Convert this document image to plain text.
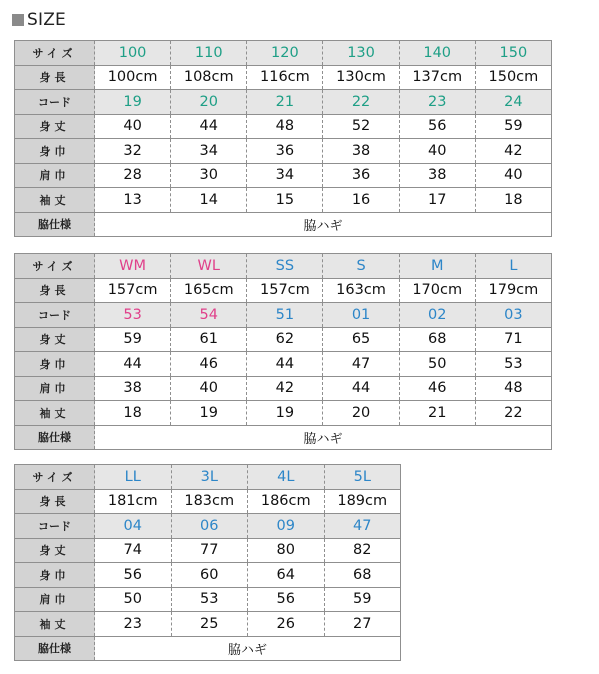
SIZE
サイズ	100	110	120	130	140	150
身長	100cm	108cm	116cm	130cm	137cm	150cm
コード	19	20	21	22	23	24
身丈	40	44	48	52	56	59
身巾	32	34	36	38	40	42
肩巾	28	30	34	36	38	40
袖丈	13	14	15	16	17	18
脇仕様	脇ハギ					
サイズ	WM	WL	SS	S	M	L
身長	157cm	165cm	157cm	163cm	170cm	179cm
コード	53	54	51	01	02	03
身丈	59	61	62	65	68	71
身巾	44	46	44	47	50	53
肩巾	38	40	42	44	46	48
袖丈	18	19	19	20	21	22
脇仕様	脇ハギ					
サイズ	LL	3L	4L	5L
身長	181cm	183cm	186cm	189cm
コード	04	06	09	47
身丈	74	77	80	82
身巾	56	60	64	68
肩巾	50	53	56	59
袖丈	23	25	26	27
脇仕様	脇ハギ			
